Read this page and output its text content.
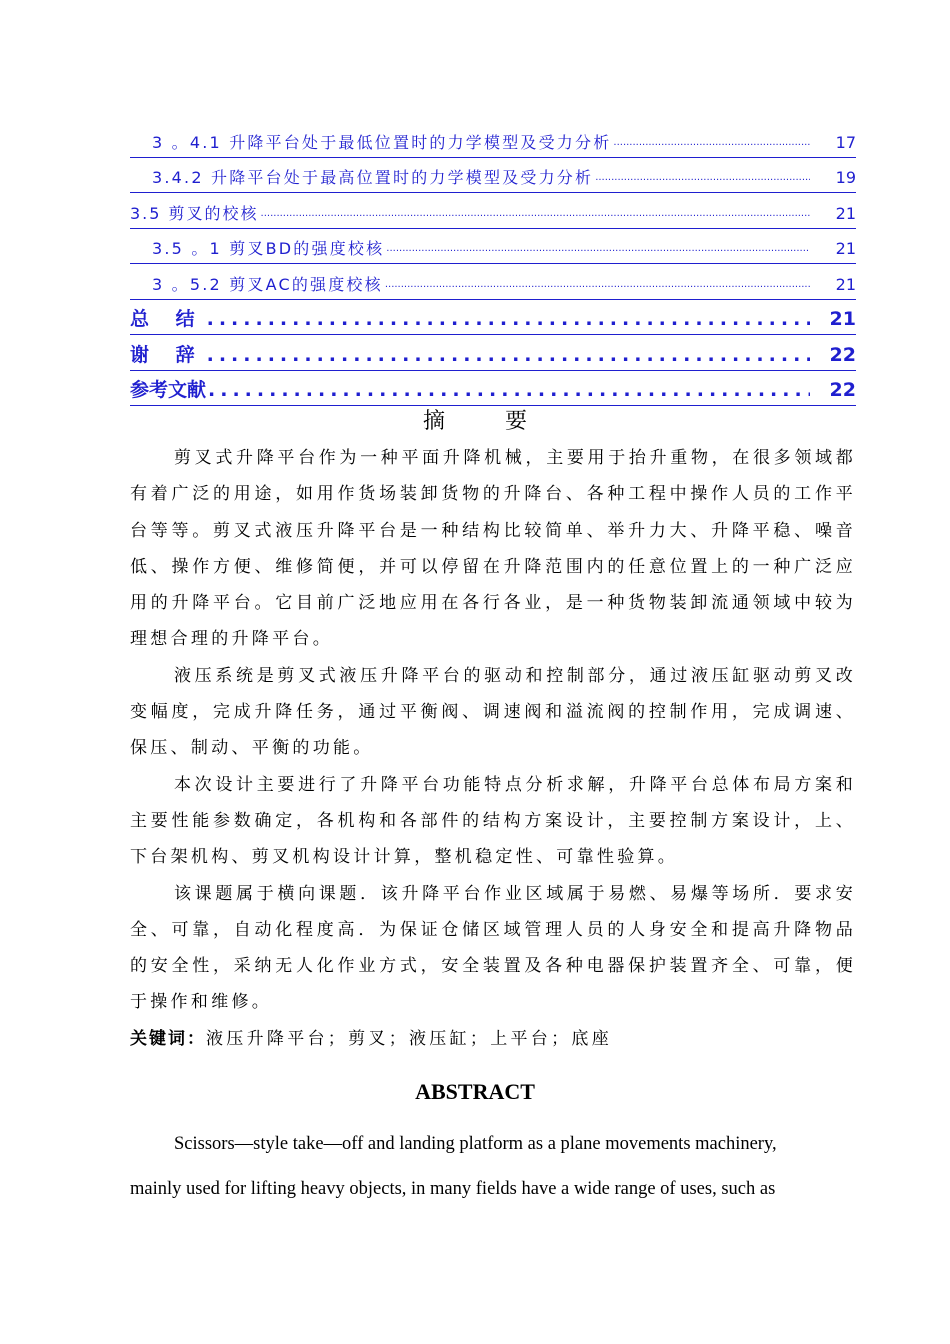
3 。4.1 升降平台处于最低位置时的力学模型及受力分析 .....	17
3.4.2 升降平台处于最高位置时的力学模型及受力分析 .....	19
3.5 剪叉的校核 .....	21
3.5 。1 剪叉BD的强度校核 .....	21
3 。5.2 剪叉AC的强度校核 .....	21
总 结 .....	21
谢 辞 .....	22
参考文献 .....	22
摘要

剪叉式升降平台作为一种平面升降机械，主要用于抬升重物，在很多领域都有着广泛的用途，如用作货场装卸货物的升降台、各种工程中操作人员的工作平台等等。剪叉式液压升降平台是一种结构比较简单、举升力大、升降平稳、噪音低、操作方便、维修简便，并可以停留在升降范围内的任意位置上的一种广泛应用的升降平台。它目前广泛地应用在各行各业，是一种货物装卸流通领域中较为理想合理的升降平台。

液压系统是剪叉式液压升降平台的驱动和控制部分，通过液压缸驱动剪叉改变幅度，完成升降任务，通过平衡阀、调速阀和溢流阀的控制作用，完成调速、保压、制动、平衡的功能。

本次设计主要进行了升降平台功能特点分析求解，升降平台总体布局方案和主要性能参数确定，各机构和各部件的结构方案设计，主要控制方案设计，上、下台架机构、剪叉机构设计计算，整机稳定性、可靠性验算。

该课题属于横向课题．该升降平台作业区域属于易燃、易爆等场所．要求安全、可靠，自动化程度高．为保证仓储区域管理人员的人身安全和提高升降物品的安全性，采纳无人化作业方式，安全装置及各种电器保护装置齐全、可靠，便于操作和维修。

关键词：液压升降平台；剪叉；液压缸；上平台；底座

ABSTRACT

Scissors—style take—off and landing platform as a plane movements machinery, mainly used for lifting heavy objects, in many fields have a wide range of uses, such as
